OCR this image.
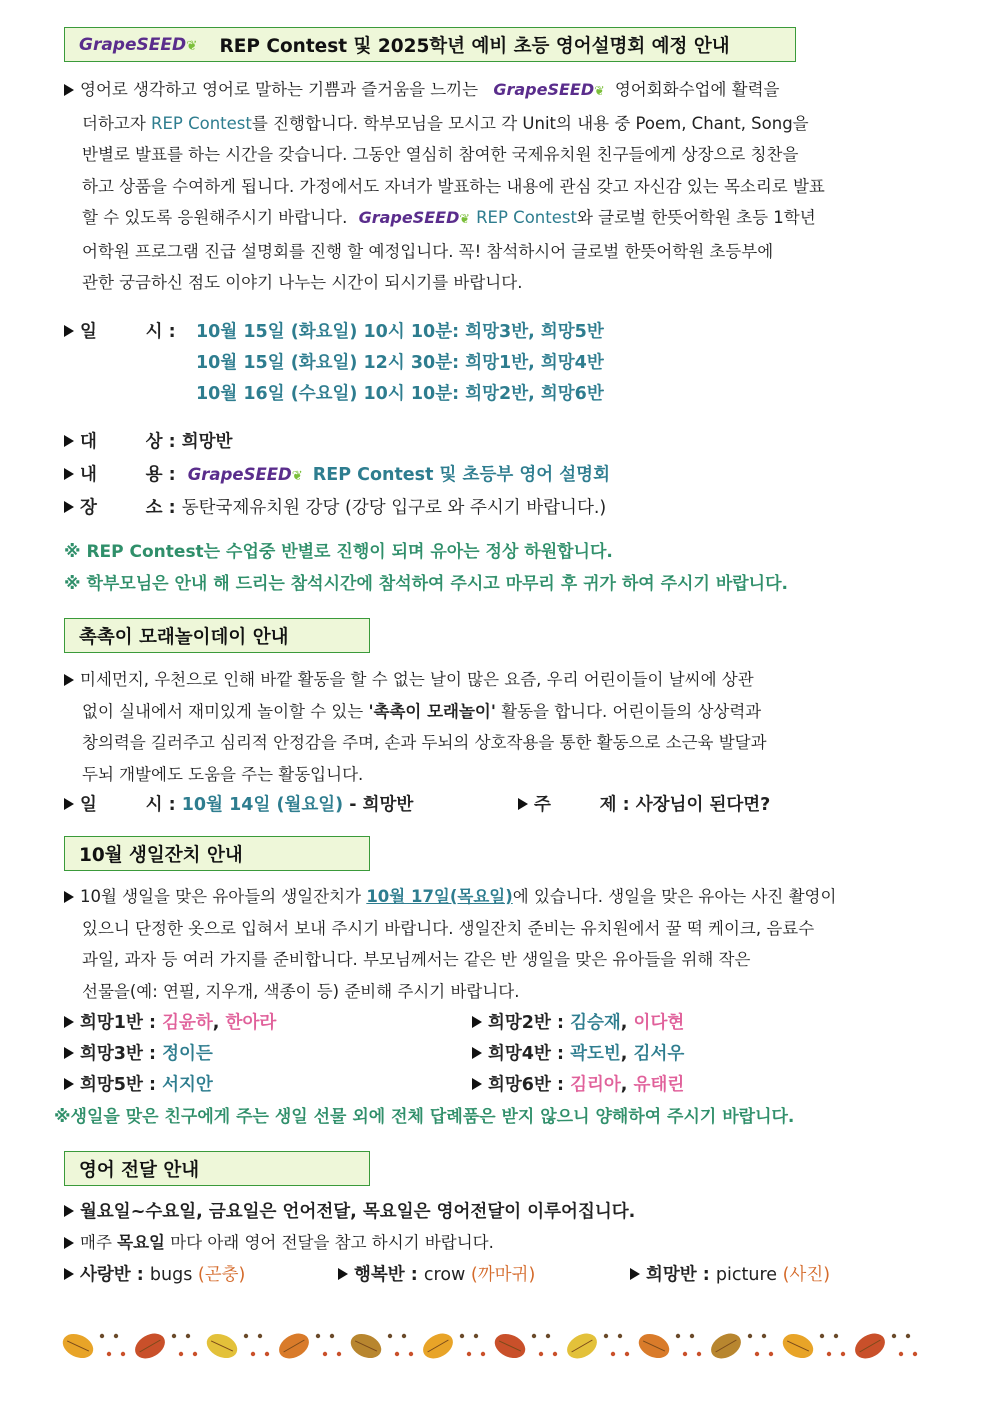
GrapeSEED❦ REP Contest 및 2025학년 예비 초등 영어설명회 예정 안내
영어로 생각하고 영어로 말하는 기쁨과 즐거움을 느끼는 GrapeSEED❦ 영어회화수업에 활력을
더하고자 REP Contest를 진행합니다. 학부모님을 모시고 각 Unit의 내용 중 Poem, Chant, Song을
반별로 발표를 하는 시간을 갖습니다. 그동안 열심히 참여한 국제유치원 친구들에게 상장으로 칭찬을
하고 상품을 수여하게 됩니다. 가정에서도 자녀가 발표하는 내용에 관심 갖고 자신감 있는 목소리로 발표
할 수 있도록 응원해주시기 바랍니다. GrapeSEED❦ REP Contest와 글로벌 한뜻어학원 초등 1학년
어학원 프로그램 진급 설명회를 진행 할 예정입니다. 꼭! 참석하시어 글로벌 한뜻어학원 초등부에
관한 궁금하신 점도 이야기 나누는 시간이 되시기를 바랍니다.
일        시 : 10월 15일 (화요일) 10시 10분: 희망3반, 희망5반
10월 15일 (화요일) 12시 30분: 희망1반, 희망4반
10월 16일 (수요일) 10시 10분: 희망2반, 희망6반
대        상 : 희망반
내        용 : GrapeSEED❦ REP Contest 및 초등부 영어 설명회
장        소 : 동탄국제유치원 강당 (강당 입구로 와 주시기 바랍니다.)
※ REP Contest는 수업중 반별로 진행이 되며 유아는 정상 하원합니다.
※ 학부모님은 안내 해 드리는 참석시간에 참석하여 주시고 마무리 후 귀가 하여 주시기 바랍니다.
촉촉이 모래놀이데이 안내
미세먼지, 우천으로 인해 바깥 활동을 할 수 없는 날이 많은 요즘, 우리 어린이들이 날씨에 상관
없이 실내에서 재미있게 놀이할 수 있는 '촉촉이 모래놀이' 활동을 합니다. 어린이들의 상상력과
창의력을 길러주고 심리적 안정감을 주며, 손과 두뇌의 상호작용을 통한 활동으로 소근육 발달과
두뇌 개발에도 도움을 주는 활동입니다.
일        시 : 10월 14일 (월요일) - 희망반	주        제 : 사장님이 된다면?
10월 생일잔치 안내
10월 생일을 맞은 유아들의 생일잔치가 10월 17일(목요일)에 있습니다. 생일을 맞은 유아는 사진 촬영이
있으니 단정한 옷으로 입혀서 보내 주시기 바랍니다. 생일잔치 준비는 유치원에서 꿀 떡 케이크, 음료수
과일, 과자 등 여러 가지를 준비합니다. 부모님께서는 같은 반 생일을 맞은 유아들을 위해 작은
선물을(예: 연필, 지우개, 색종이 등) 준비해 주시기 바랍니다.
희망1반 : 김윤하, 한아라	희망2반 : 김승재, 이다현
희망3반 : 정이든	희망4반 : 곽도빈, 김서우
희망5반 : 서지안	희망6반 : 김리아, 유태린
※생일을 맞은 친구에게 주는 생일 선물 외에 전체 답례품은 받지 않으니 양해하여 주시기 바랍니다.
영어 전달 안내
월요일~수요일, 금요일은 언어전달, 목요일은 영어전달이 이루어집니다.
매주 목요일 마다 아래 영어 전달을 참고 하시기 바랍니다.
사랑반 : bugs (곤충)	행복반 : crow (까마귀)	희망반 : picture (사진)
